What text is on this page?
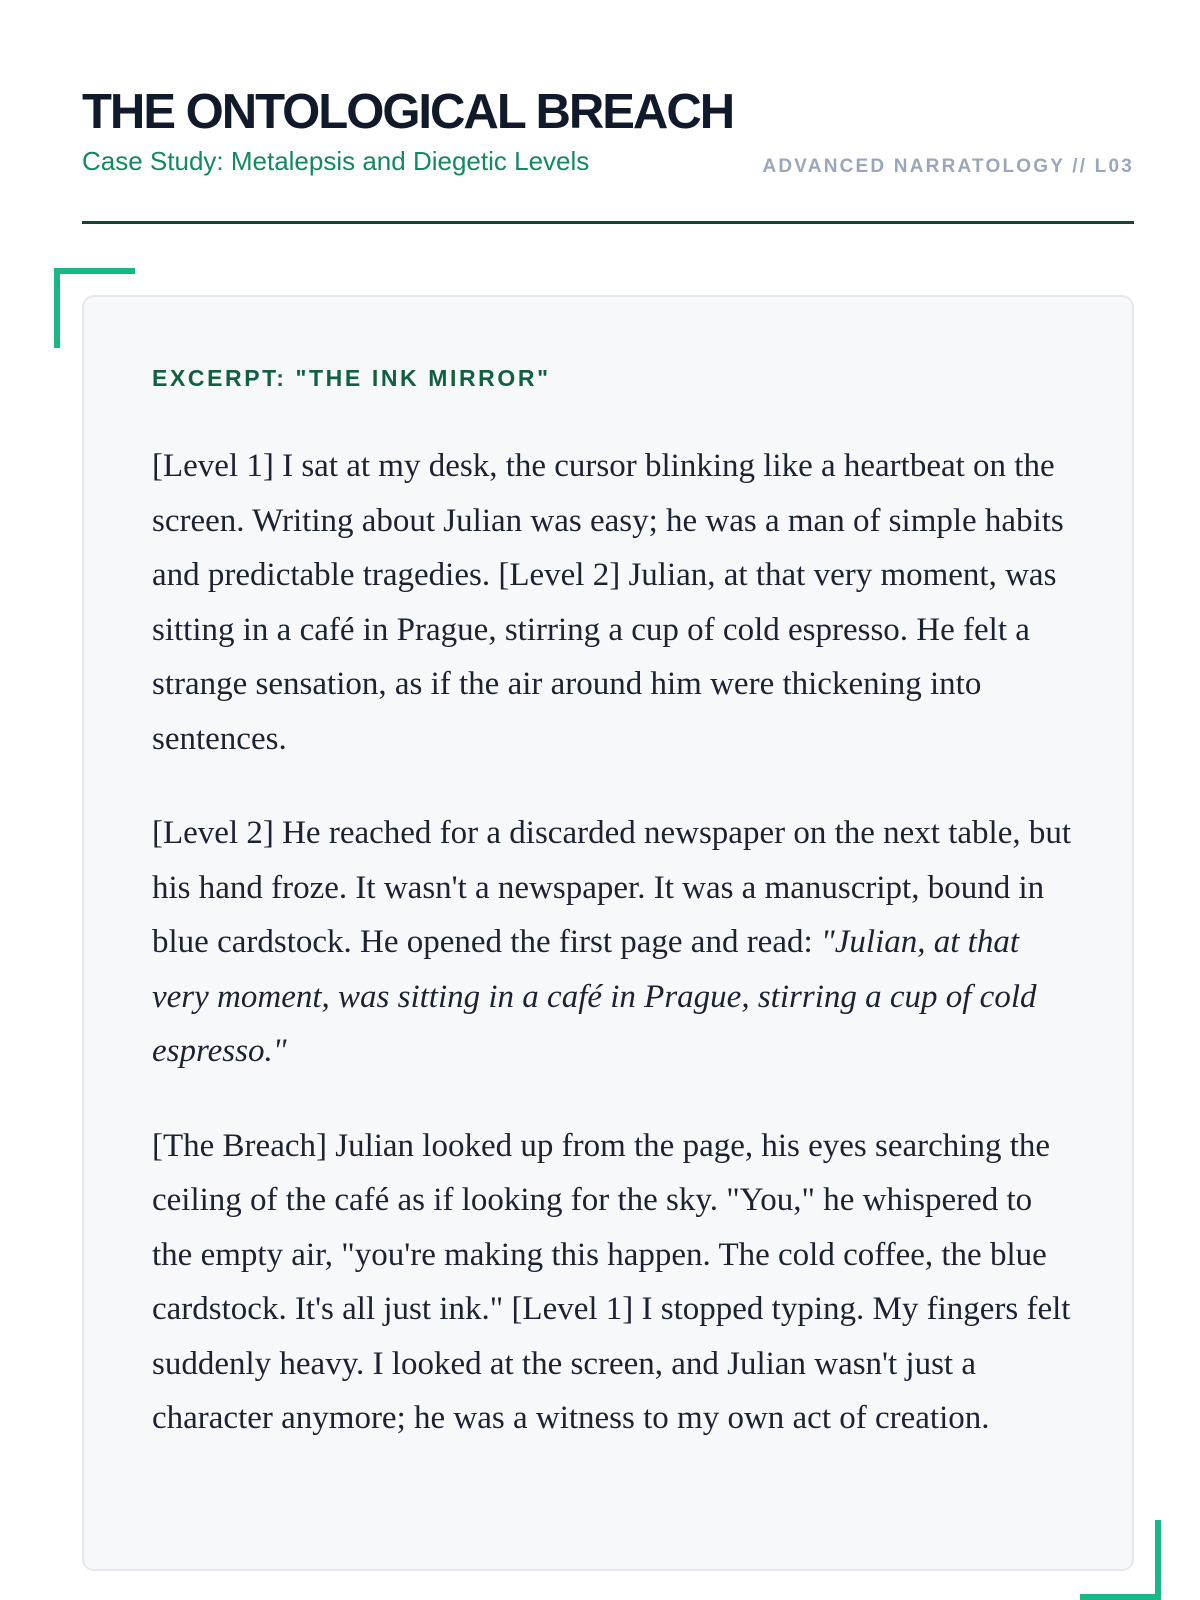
THE ONTOLOGICAL BREACH
Case Study: Metalepsis and Diegetic Levels	ADVANCED NARRATOLOGY // L03
EXCERPT: "THE INK MIRROR"

[Level 1] I sat at my desk, the cursor blinking like a heartbeat on the screen. Writing about Julian was easy; he was a man of simple habits and predictable tragedies. [Level 2] Julian, at that very moment, was sitting in a café in Prague, stirring a cup of cold espresso. He felt a strange sensation, as if the air around him were thickening into sentences.

[Level 2] He reached for a discarded newspaper on the next table, but his hand froze. It wasn't a newspaper. It was a manuscript, bound in blue cardstock. He opened the first page and read: "Julian, at that very moment, was sitting in a café in Prague, stirring a cup of cold espresso."

[The Breach] Julian looked up from the page, his eyes searching the ceiling of the café as if looking for the sky. "You," he whispered to the empty air, "you're making this happen. The cold coffee, the blue cardstock. It's all just ink." [Level 1] I stopped typing. My fingers felt suddenly heavy. I looked at the screen, and Julian wasn't just a character anymore; he was a witness to my own act of creation.
